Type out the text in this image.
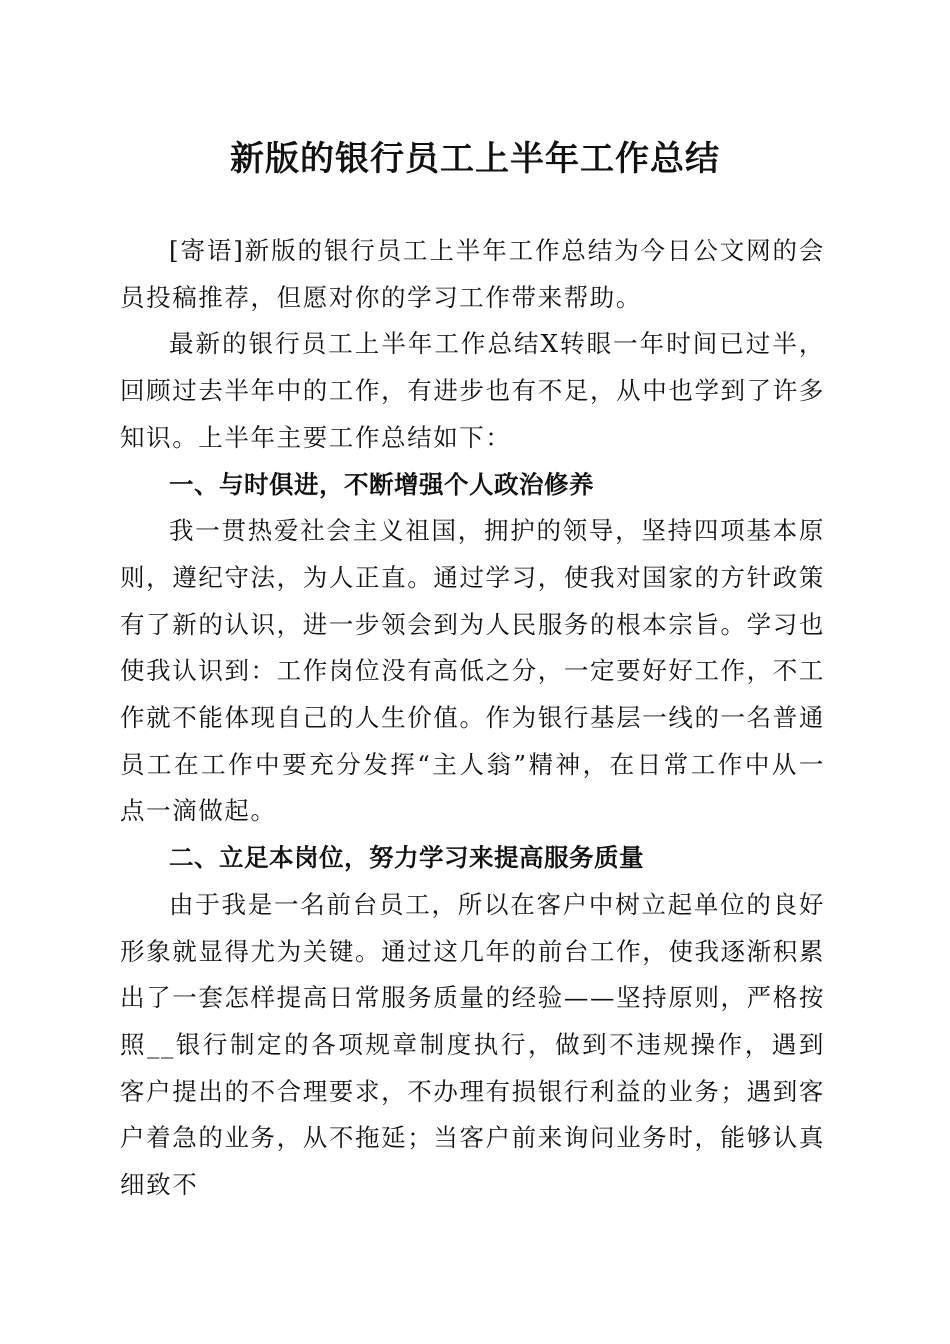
新版的银行员工上半年工作总结

[寄语]新版的银行员工上半年工作总结为今日公文网的会员投稿推荐，但愿对你的学习工作带来帮助。

最新的银行员工上半年工作总结X转眼一年时间已过半，回顾过去半年中的工作，有进步也有不足，从中也学到了许多知识。上半年主要工作总结如下：

一、与时俱进，不断增强个人政治修养

我一贯热爱社会主义祖国，拥护的领导，坚持四项基本原则，遵纪守法，为人正直。通过学习，使我对国家的方针政策有了新的认识，进一步领会到为人民服务的根本宗旨。学习也使我认识到：工作岗位没有高低之分，一定要好好工作，不工作就不能体现自己的人生价值。作为银行基层一线的一名普通员工在工作中要充分发挥“主人翁”精神，在日常工作中从一点一滴做起。

二、立足本岗位，努力学习来提高服务质量

由于我是一名前台员工，所以在客户中树立起单位的良好形象就显得尤为关键。通过这几年的前台工作，使我逐渐积累出了一套怎样提高日常服务质量的经验——坚持原则，严格按照__银行制定的各项规章制度执行，做到不违规操作，遇到客户提出的不合理要求，不办理有损银行利益的业务；遇到客户着急的业务，从不拖延；当客户前来询问业务时，能够认真细致不
